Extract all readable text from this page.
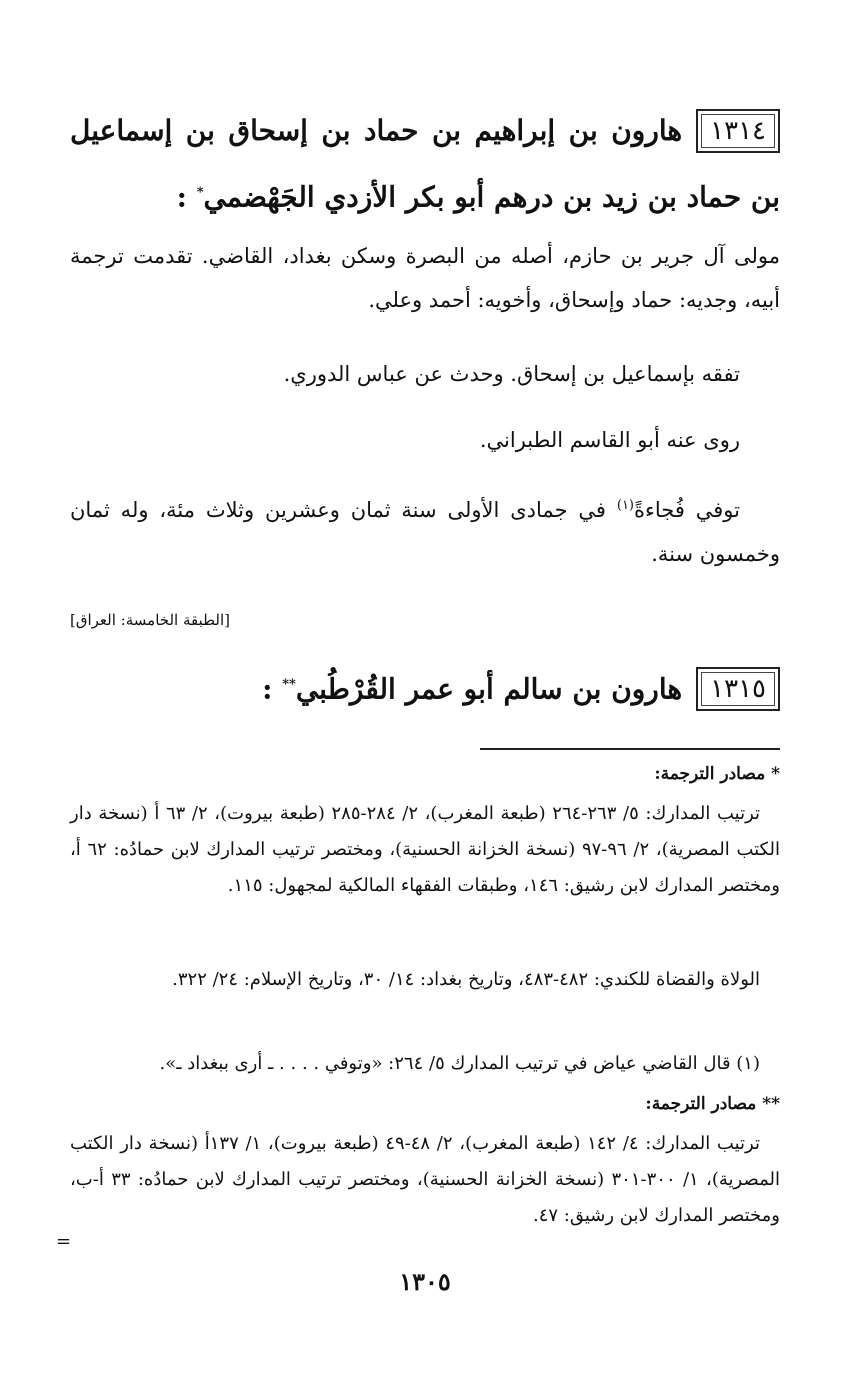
١٣١٤هارون بن إبراهيم بن حماد بن إسحاق بن إسماعيل بن حماد بن زيد بن درهم أبو بكر الأزدي الجَهْضمي* :
مولى آل جرير بن حازم، أصله من البصرة وسكن بغداد، القاضي. تقدمت ترجمة أبيه، وجديه: حماد وإسحاق، وأخويه: أحمد وعلي.
تفقه بإسماعيل بن إسحاق. وحدث عن عباس الدوري.
روى عنه أبو القاسم الطبراني.
توفي فُجاءةً$^{(١)}$ في جمادى الأولى سنة ثمان وعشرين وثلاث مئة، وله ثمان وخمسون سنة.
[الطبقة الخامسة: العراق]
١٣١٥هارون بن سالم أبو عمر القُرْطُبي** :
* مصادر الترجمة:
ترتيب المدارك: ٥/ ٢٦٣-٢٦٤ (طبعة المغرب)، ٢/ ٢٨٤-٢٨٥ (طبعة بيروت)، ٢/ ٦٣ أ (نسخة دار الكتب المصرية)، ٢/ ٩٦-٩٧ (نسخة الخزانة الحسنية)، ومختصر ترتيب المدارك لابن حمادُه: ٦٢ أ، ومختصر المدارك لابن رشيق: ١٤٦، وطبقات الفقهاء المالكية لمجهول: ١١٥.
الولاة والقضاة للكندي: ٤٨٢-٤٨٣، وتاريخ بغداد: ١٤/ ٣٠، وتاريخ الإسلام: ٢٤/ ٣٢٢.
(١) قال القاضي عياض في ترتيب المدارك ٥/ ٢٦٤: «وتوفي . . . . ـ أرى ببغداد ـ».
** مصادر الترجمة:
ترتيب المدارك: ٤/ ١٤٢ (طبعة المغرب)، ٢/ ٤٨-٤٩ (طبعة بيروت)، ١/ ١٣٧أ (نسخة دار الكتب المصرية)، ١/ ٣٠٠-٣٠١ (نسخة الخزانة الحسنية)، ومختصر ترتيب المدارك لابن حمادُه: ٣٣ أ-ب، ومختصر المدارك لابن رشيق: ٤٧.
=
١٣٠٥
